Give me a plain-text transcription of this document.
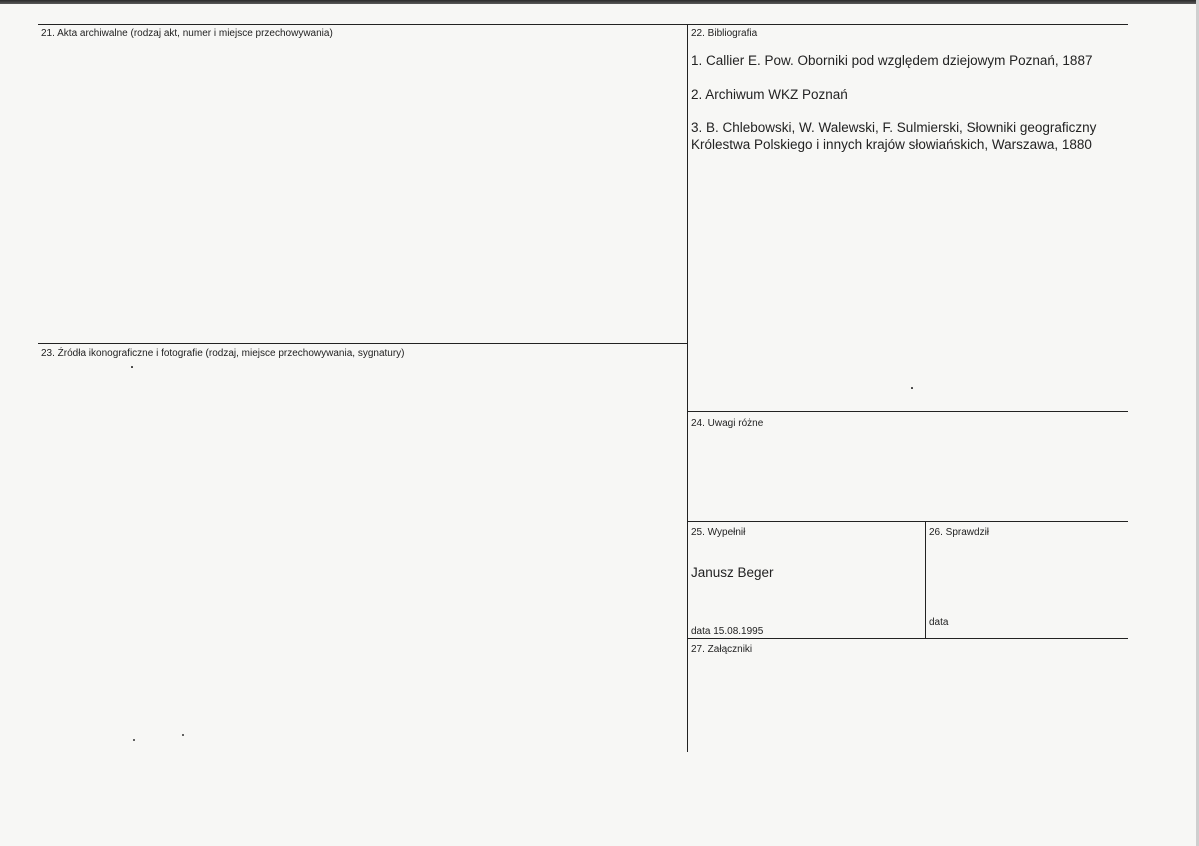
21. Akta archiwalne (rodzaj akt, numer i miejsce przechowywania)	22. Bibliografia
1. Callier E. Pow. Oborniki pod względem dziejowym Poznań, 1887
2. Archiwum WKZ Poznań
3. B. Chlebowski, W. Walewski, F. Sulmierski, Słowniki geograficzny
Królestwa Polskiego i innych krajów słowiańskich, Warszawa, 1880
23. Źródła ikonograficzne i fotografie (rodzaj, miejsce przechowywania, sygnatury)
24. Uwagi różne
25. Wypełnił
Janusz Beger
data 15.08.1995
26. Sprawdził
data
27. Załączniki
